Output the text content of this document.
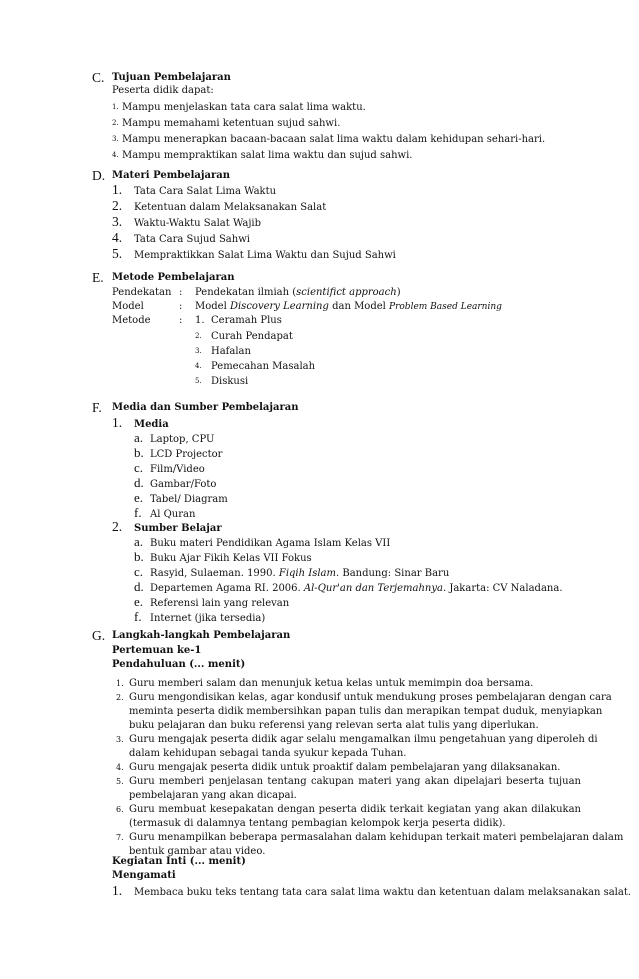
C. Tujuan Pembelajaran
Peserta didik dapat:
1. Mampu menjelaskan tata cara salat lima waktu.
2. Mampu memahami ketentuan sujud sahwi.
3. Mampu menerapkan bacaan-bacaan salat lima waktu dalam kehidupan sehari-hari.
4. Mampu mempraktikan salat lima waktu dan sujud sahwi.
D. Materi Pembelajaran
1. Tata Cara Salat Lima Waktu
2. Ketentuan dalam Melaksanakan Salat
3. Waktu-Waktu Salat Wajib
4. Tata Cara Sujud Sahwi
5. Mempraktikkan Salat Lima Waktu dan Sujud Sahwi
E. Metode Pembelajaran
Pendekatan : Pendekatan ilmiah (scientifict approach)
Model	: Model Discovery Learning dan Model Problem Based Learning
Metode	: 1. Ceramah Plus
2. Curah Pendapat
3. Hafalan
4. Pemecahan Masalah
5. Diskusi
F. Media dan Sumber Pembelajaran
1. Media
a. Laptop, CPU
b. LCD Projector
c. Film/Video
d. Gambar/Foto
e. Tabel/ Diagram
f. Al Quran
2. Sumber Belajar
a. Buku materi Pendidikan Agama Islam Kelas VII
b. Buku Ajar Fikih Kelas VII Fokus
c. Rasyid, Sulaeman. 1990. Fiqih Islam. Bandung: Sinar Baru
d. Departemen Agama RI. 2006. Al-Qur'an dan Terjemahnya. Jakarta: CV Naladana.
e. Referensi lain yang relevan
f. Internet (jika tersedia)
G. Langkah-langkah Pembelajaran
Pertemuan ke-1
Pendahuluan (... menit)
1. Guru memberi salam dan menunjuk ketua kelas untuk memimpin doa bersama.
2. Guru mengondisikan kelas, agar kondusif untuk mendukung proses pembelajaran dengan cara
meminta peserta didik membersihkan papan tulis dan merapikan tempat duduk, menyiapkan
buku pelajaran dan buku referensi yang relevan serta alat tulis yang diperlukan.
3. Guru mengajak peserta didik agar selalu mengamalkan ilmu pengetahuan yang diperoleh di
dalam kehidupan sebagai tanda syukur kepada Tuhan.
4. Guru mengajak peserta didik untuk proaktif dalam pembelajaran yang dilaksanakan.
5. Guru memberi penjelasan tentang cakupan materi yang akan dipelajari beserta tujuan
pembelajaran yang akan dicapai.
6. Guru membuat kesepakatan dengan peserta didik terkait kegiatan yang akan dilakukan
(termasuk di dalamnya tentang pembagian kelompok kerja peserta didik).
7. Guru menampilkan beberapa permasalahan dalam kehidupan terkait materi pembelajaran dalam
bentuk gambar atau video.
Kegiatan Inti (... menit)
Mengamati
1. Membaca buku teks tentang tata cara salat lima waktu dan ketentuan dalam melaksanakan salat.
